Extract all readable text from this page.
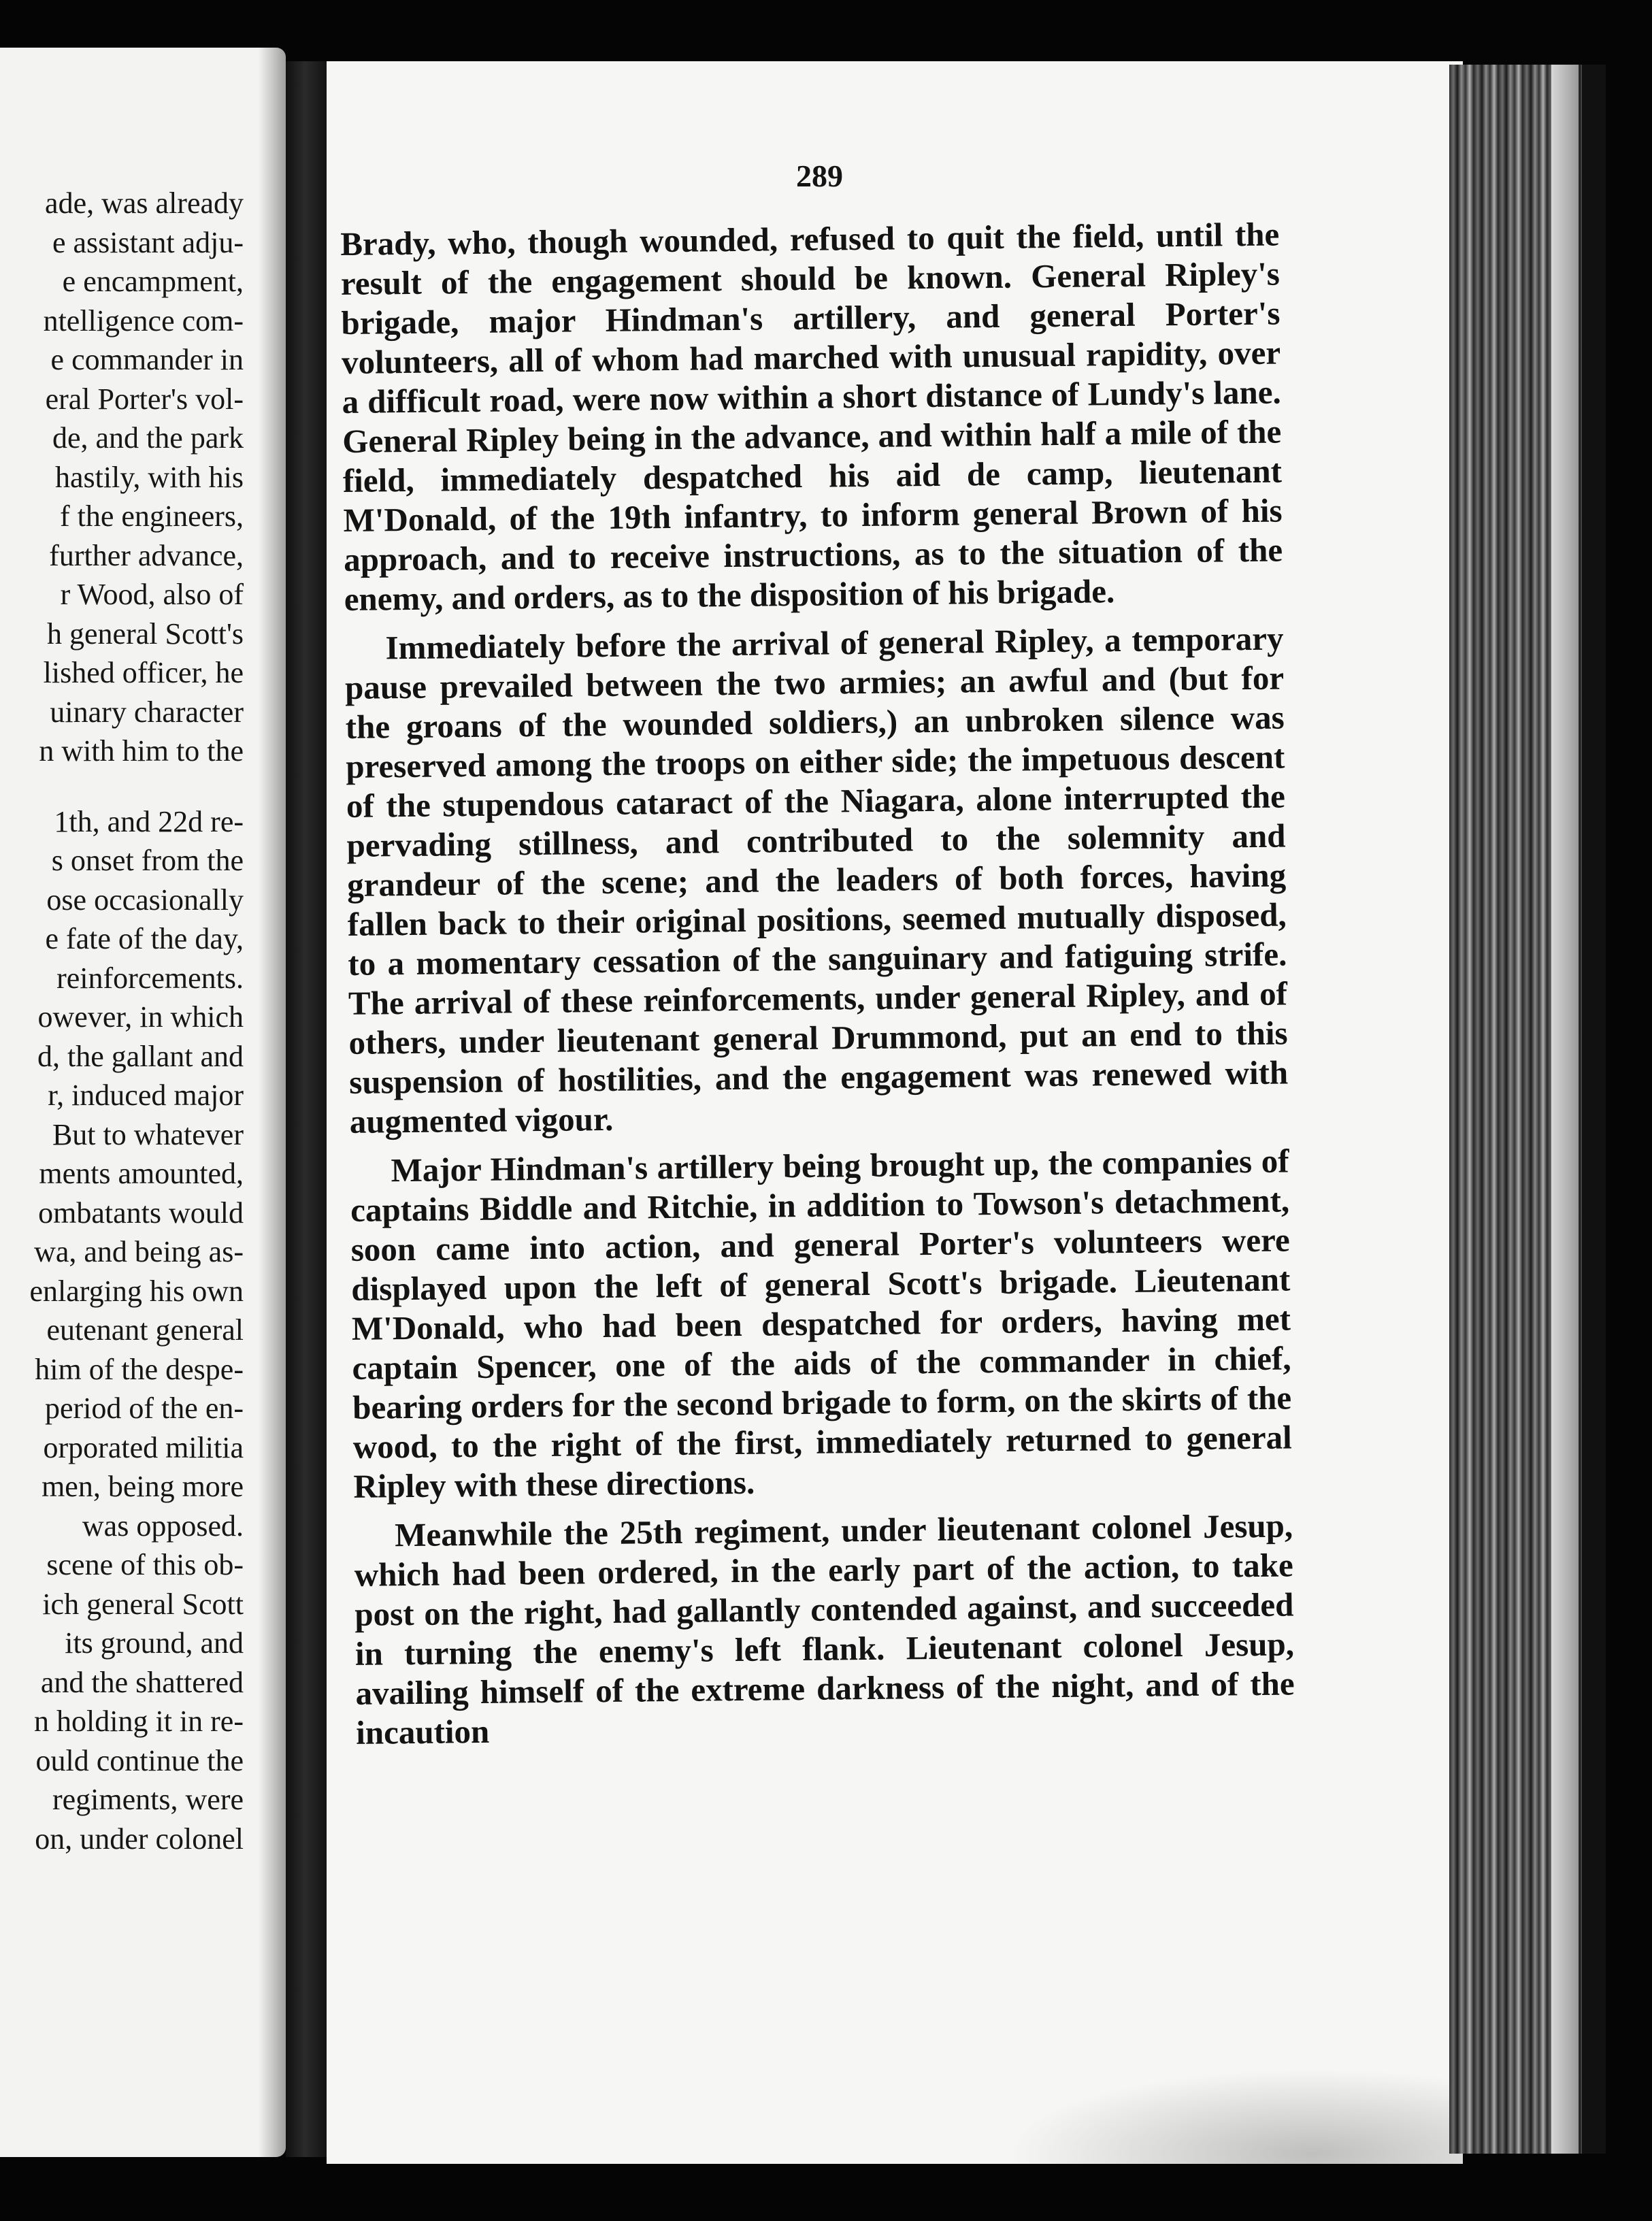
ade, was already
e assistant adju-
e encampment,
ntelligence com-
e commander in
eral Porter's vol-
de, and the park
hastily, with his
f the engineers,
further advance,
r Wood, also of
h general Scott's
lished officer, he
uinary character
n with him to the
1th, and 22d re-
s onset from the
ose occasionally
e fate of the day,
reinforcements.
owever, in which
d, the gallant and
r, induced major
But to whatever
ments amounted,
ombatants would
wa, and being as-
enlarging his own
eutenant general
him of the despe-
period of the en-
orporated militia
men, being more
was opposed.
scene of this ob-
ich general Scott
its ground, and
and the shattered
n holding it in re-
ould continue the
regiments, were
on, under colonel
289

Brady, who, though wounded, refused to quit the field, until the result of the engagement should be known. General Ripley's brigade, major Hindman's artillery, and general Porter's volunteers, all of whom had marched with unusual rapidity, over a difficult road, were now within a short distance of Lundy's lane. General Ripley being in the advance, and within half a mile of the field, immediately despatched his aid de camp, lieutenant M'Donald, of the 19th infantry, to inform general Brown of his approach, and to receive instructions, as to the situation of the enemy, and orders, as to the disposition of his brigade.

Immediately before the arrival of general Ripley, a temporary pause prevailed between the two armies; an awful and (but for the groans of the wounded soldiers,) an unbroken silence was preserved among the troops on either side; the impetuous descent of the stupendous cataract of the Niagara, alone interrupted the pervading stillness, and contributed to the solemnity and grandeur of the scene; and the leaders of both forces, having fallen back to their original positions, seemed mutually disposed, to a momentary cessation of the sanguinary and fatiguing strife. The arrival of these reinforcements, under general Ripley, and of others, under lieutenant general Drummond, put an end to this suspension of hostilities, and the engagement was renewed with augmented vigour.

Major Hindman's artillery being brought up, the companies of captains Biddle and Ritchie, in addition to Towson's detachment, soon came into action, and general Porter's volunteers were displayed upon the left of general Scott's brigade. Lieutenant M'Donald, who had been despatched for orders, having met captain Spencer, one of the aids of the commander in chief, bearing orders for the second brigade to form, on the skirts of the wood, to the right of the first, immediately returned to general Ripley with these directions.

Meanwhile the 25th regiment, under lieutenant colonel Jesup, which had been ordered, in the early part of the action, to take post on the right, had gallantly contended against, and succeeded in turning the enemy's left flank. Lieutenant colonel Jesup, availing himself of the extreme darkness of the night, and of the incaution
